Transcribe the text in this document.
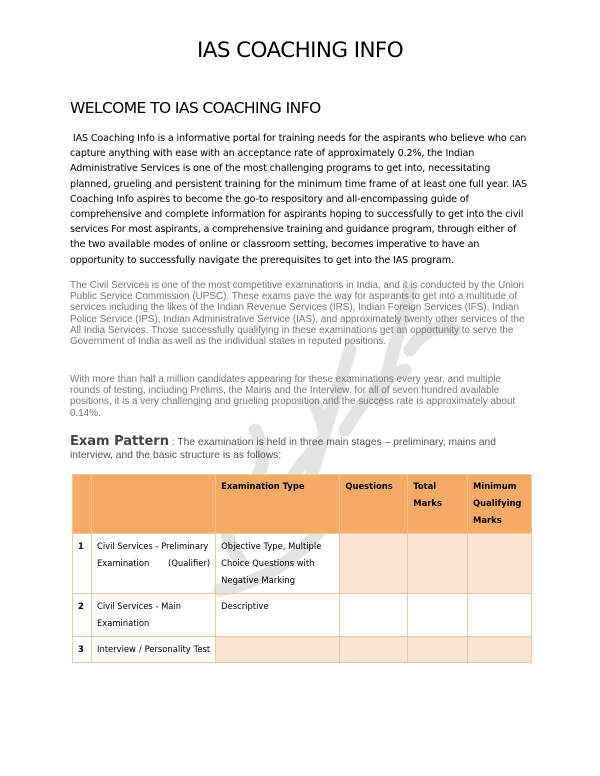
IAS COACHING INFO
WELCOME TO IAS COACHING INFO

IAS Coaching Info is a informative portal for training needs for the aspirants who believe who can capture anything with ease with an acceptance rate of approximately 0.2%, the Indian Administrative Services is one of the most challenging programs to get into, necessitating planned, grueling and persistent training for the minimum time frame of at least one full year. IAS Coaching Info aspires to become the go-to respository and all-encompassing guide of comprehensive and complete information for aspirants hoping to successfully to get into the civil services For most aspirants, a comprehensive training and guidance program, through either of the two available modes of online or classroom setting, becomes imperative to have an opportunity to successfully navigate the prerequisites to get into the IAS program.

The Civil Services is one of the most competitive examinations in India, and it is conducted by the Union Public Service Commission (UPSC). These exams pave the way for aspirants to get into a multitude of services including the likes of the Indian Revenue Services (IRS), Indian Foreign Services (IFS), Indian Police Service (IPS), Indian Administrative Service (IAS), and approximately twenty other services of the All India Services. Those successfully qualifying in these examinations get an opportunity to serve the Government of India as well as the individual states in reputed positions.

With more than half a million candidates appearing for these examinations every year, and multiple rounds of testing, including Prelims, the Mains and the Interview, for all of seven hundred available positions, it is a very challenging and grueling proposition and the success rate is approximately about 0.14%.

Exam Pattern : The examination is held in three main stages – preliminary, mains and interview, and the basic structure is as follows:

		Examination Type	Questions	Total Marks	Minimum Qualifying Marks
1	Civil Services - Preliminary Examination (Qualifier)	Objective Type, Multiple Choice Questions with Negative Marking			
2	Civil Services - Main Examination	Descriptive			
3	Interview / Personality Test				
